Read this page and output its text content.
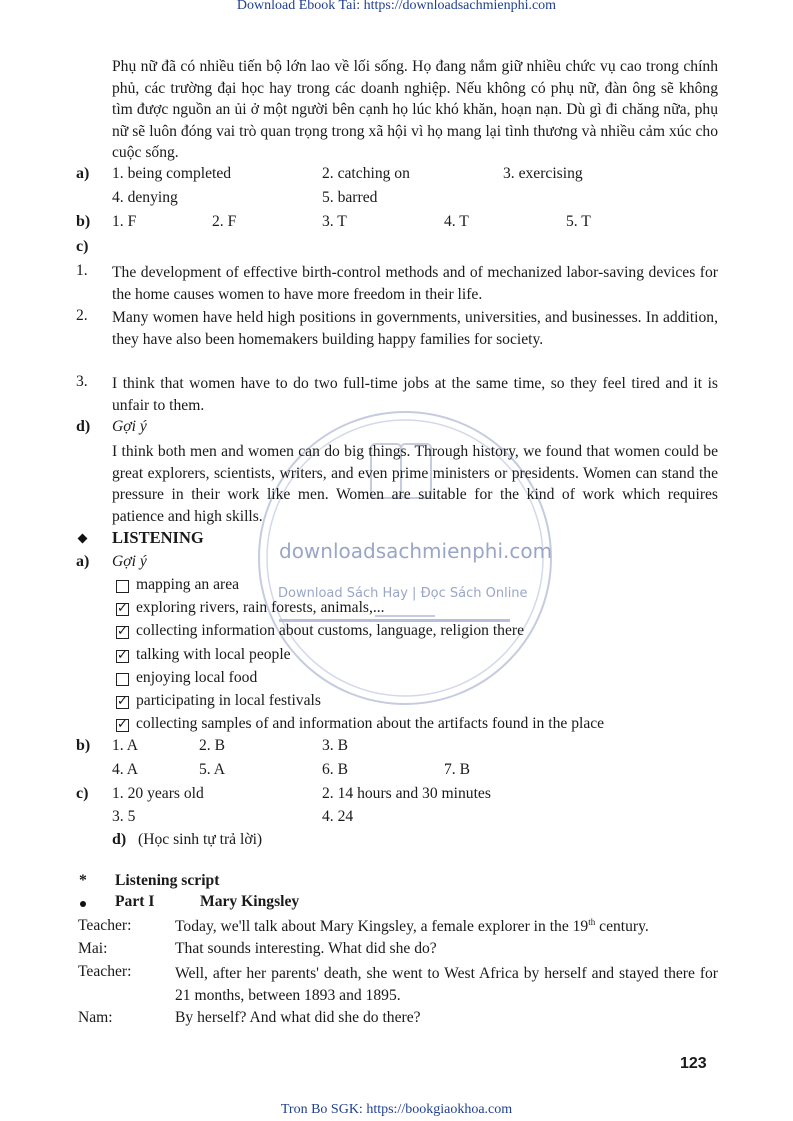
Download Ebook Tai: https://downloadsachmienphi.com
downloadsachmienphi.com
Download Sách Hay | Đọc Sách Online
Phụ nữ đã có nhiều tiến bộ lớn lao về lối sống. Họ đang nắm giữ nhiều chức vụ cao trong chính phủ, các trường đại học hay trong các doanh nghiệp. Nếu không có phụ nữ, đàn ông sẽ không tìm được nguồn an ủi ở một người bên cạnh họ lúc khó khăn, hoạn nạn. Dù gì đi chăng nữa, phụ nữ sẽ luôn đóng vai trò quan trọng trong xã hội vì họ mang lại tình thương và nhiều cảm xúc cho cuộc sống.
a) 1. being completed	2. catching on	3. exercising
4. denying	5. barred
b) 1. F	2. F	3. T	4. T	5. T
c)
1. The development of effective birth-control methods and of mechanized labor-saving devices for the home causes women to have more freedom in their life.
2. Many women have held high positions in governments, universities, and businesses. In addition, they have also been homemakers building happy families for society.
3. I think that women have to do two full-time jobs at the same time, so they feel tired and it is unfair to them.
d) Gợi ý
I think both men and women can do big things. Through history, we found that women could be great explorers, scientists, writers, and even prime ministers or presidents. Women can stand the pressure in their work like men. Women are suitable for the kind of work which requires patience and high skills.
LISTENING
a) Gợi ý
mapping an area
✓
exploring rivers, rain forests, animals,...
✓
collecting information about customs, language, religion there
✓
talking with local people
enjoying local food
✓
participating in local festivals
✓
collecting samples of and information about the artifacts found in the place
b) 1. A	2. B	3. B
4. A	5. A	6. B	7. B
c) 1. 20 years old	2. 14 hours and 30 minutes
3. 5	4. 24
d) (Học sinh tự trả lời)
* Listening script
Part I	Mary Kingsley
Teacher:	Today, we'll talk about Mary Kingsley, a female explorer in the 19th century.
Mai:	That sounds interesting. What did she do?
Teacher:	Well, after her parents' death, she went to West Africa by herself and stayed there for 21 months, between 1893 and 1895.
Nam:	By herself? And what did she do there?
123
Tron Bo SGK: https://bookgiaokhoa.com
